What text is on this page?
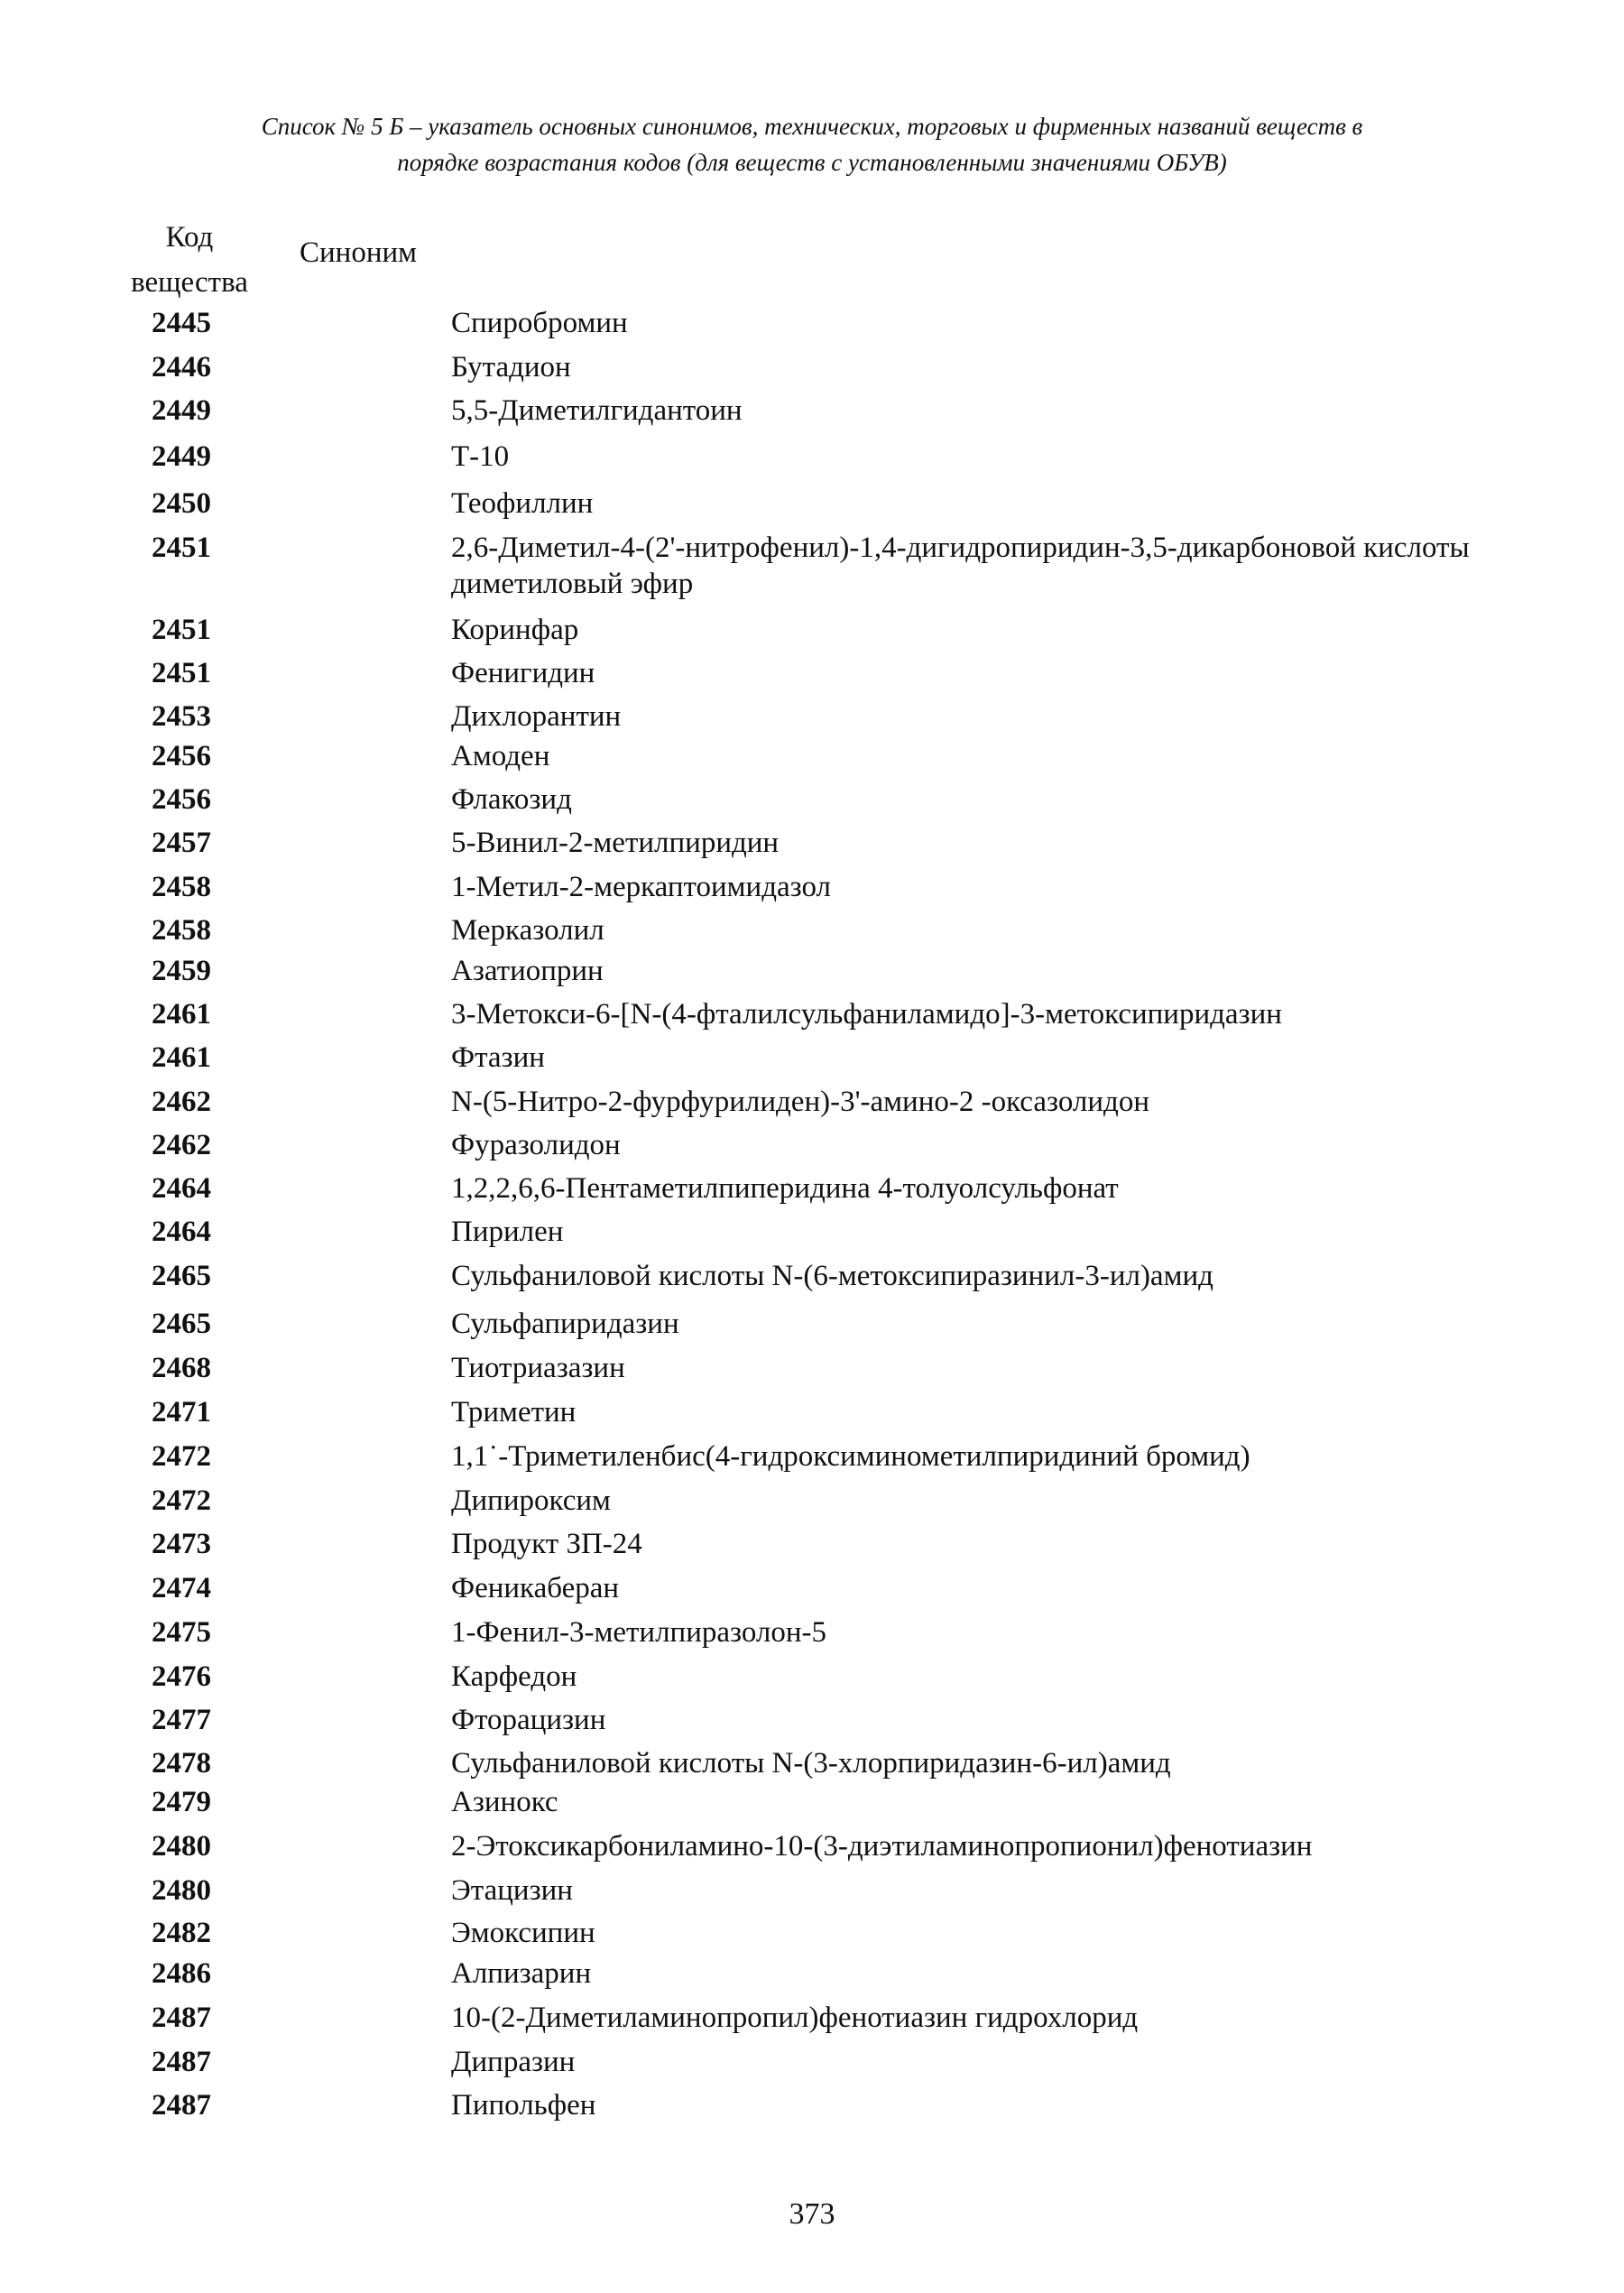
Список № 5 Б – указатель основных синонимов, технических, торговых и фирменных названий веществ в
порядке возрастания кодов (для веществ с установленными значениями ОБУВ)
Код вещества
Синоним
2445	Спиробромин
2446	Бутадион
2449	5,5-Диметилгидантоин
2449	Т-10
2450	Теофиллин
2451	2,6-Диметил-4-(2'-нитрофенил)-1,4-дигидропиридин-3,5-дикарбоновой кислоты диметиловый эфир
2451	Коринфар
2451	Фенигидин
2453	Дихлорантин
2456	Амоден
2456	Флакозид
2457	5-Винил-2-метилпиридин
2458	1-Метил-2-меркаптоимидазол
2458	Мерказолил
2459	Азатиоприн
2461	3-Метокси-6-[N-(4-фталилсульфаниламидо]-3-метоксипиридазин
2461	Фтазин
2462	N-(5-Нитро-2-фурфурилиден)-3'-амино-2 -оксазолидон
2462	Фуразолидон
2464	1,2,2,6,6-Пентаметилпиперидина 4-толуолсульфонат
2464	Пирилен
2465	Сульфаниловой кислоты N-(6-метоксипиразинил-3-ил)амид
2465	Сульфапиридазин
2468	Тиотриазазин
2471	Триметин
2472	1,1˙-Триметиленбис(4-гидроксиминометилпиридиний бромид)
2472	Дипироксим
2473	Продукт ЗП-24
2474	Феникаберан
2475	1-Фенил-3-метилпиразолон-5
2476	Карфедон
2477	Фторацизин
2478	Сульфаниловой кислоты N-(3-хлорпиридазин-6-ил)амид
2479	Азинокс
2480	2-Этоксикарбониламино-10-(3-диэтиламинопропионил)фенотиазин
2480	Этацизин
2482	Эмоксипин
2486	Алпизарин
2487	10-(2-Диметиламинопропил)фенотиазин гидрохлорид
2487	Дипразин
2487	Пипольфен
373
